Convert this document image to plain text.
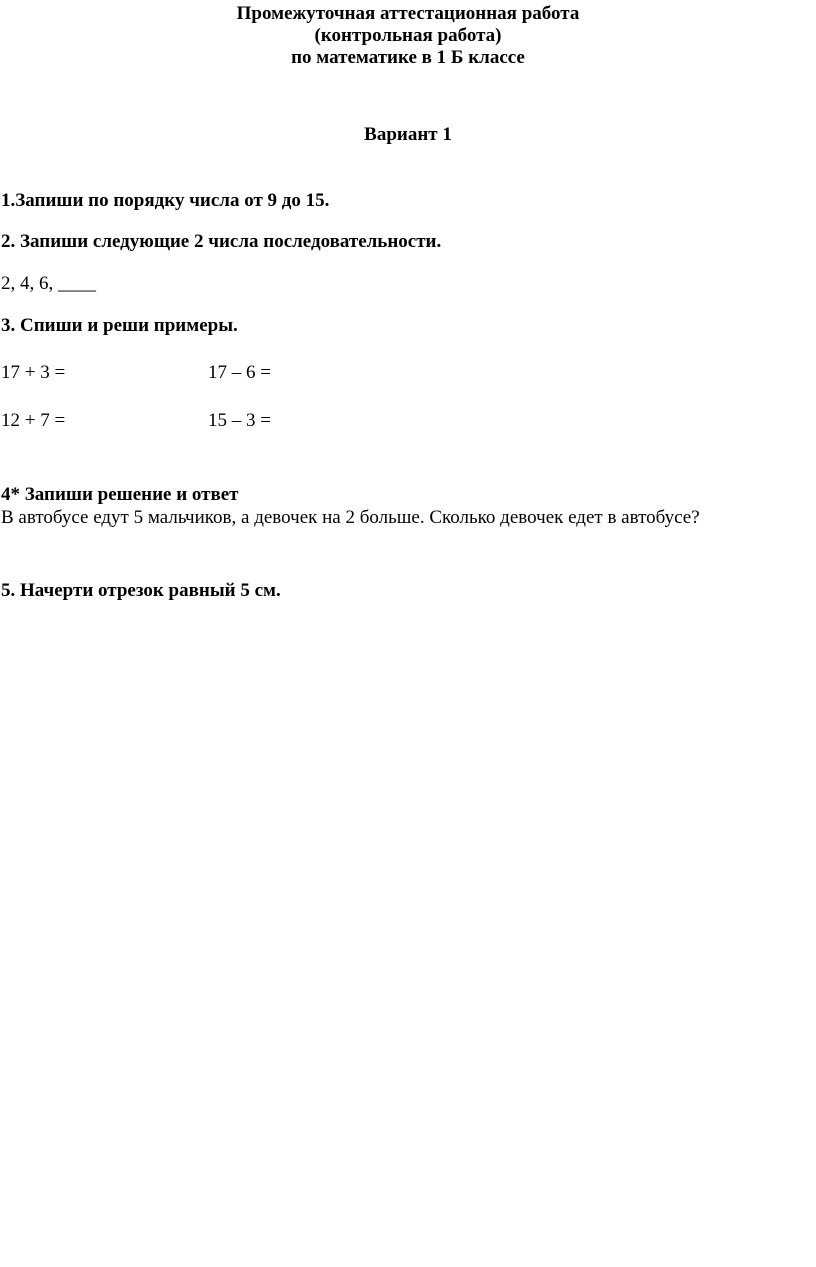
Промежуточная аттестационная работа
(контрольная работа)
по математике в 1 Б классе
Вариант 1
1.Запиши по порядку числа от 9 до 15.
2. Запиши следующие 2 числа последовательности.
2, 4, 6, ____
3. Спиши и реши примеры.
17 + 3 =	17 – 6 =
12 + 7 =	15 – 3 =
4* Запиши решение и ответ
В автобусе едут 5 мальчиков, а девочек на 2 больше. Сколько девочек едет в автобусе?
5. Начерти отрезок равный 5 см.
